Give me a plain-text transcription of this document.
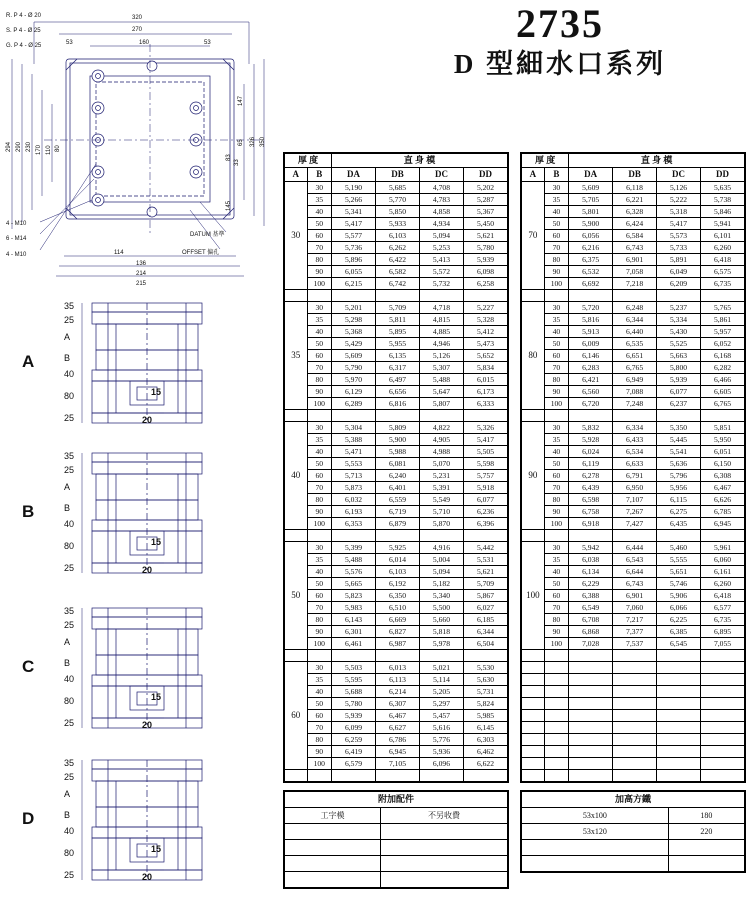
2735
D 型細水口系列
R. P 4 - Ø 20
S. P 4 - Ø 25
G. P 4 - Ø 25
320
270
160
53	53
294 290 230 170 110 80
147
65 326 350
83
145
33
114
136
214
215
4 - M10
6 - M14
4 - M10
DATUM 基準
OFFSET 偏孔
35
25
A
B
40
80
25
15
20
A
35
25
A
B
40
80
25
15
20
B
35
25
A
B
40
80
25
15
20
C
35
25
A
B
40
80
25
15
20
D
厚 度		直 身 模			
A	B	DA	DB	DC	DD
30	30	5,190	5,685	4,708	5,202
	35	5,266	5,770	4,783	5,287
	40	5,341	5,850	4,858	5,367
	50	5,417	5,933	4,934	5,450
	60	5,577	6,103	5,094	5,621
	70	5,736	6,262	5,253	5,780
	80	5,896	6,422	5,413	5,939
	90	6,055	6,582	5,572	6,098
	100	6,215	6,742	5,732	6,258

35	30	5,201	5,709	4,718	5,227
	35	5,298	5,811	4,815	5,328
	40	5,368	5,895	4,885	5,412
	50	5,429	5,955	4,946	5,473
	60	5,609	6,135	5,126	5,652
	70	5,790	6,317	5,307	5,834
	80	5,970	6,497	5,488	6,015
	90	6,129	6,656	5,647	6,173
	100	6,289	6,816	5,807	6,333

40	30	5,304	5,809	4,822	5,326
	35	5,388	5,900	4,905	5,417
	40	5,471	5,988	4,988	5,505
	50	5,553	6,081	5,070	5,598
	60	5,713	6,240	5,231	5,757
	70	5,873	6,401	5,391	5,918
	80	6,032	6,559	5,549	6,077
	90	6,193	6,719	5,710	6,236
	100	6,353	6,879	5,870	6,396

50	30	5,399	5,925	4,916	5,442
	35	5,488	6,014	5,004	5,531
	40	5,576	6,103	5,094	5,621
	50	5,665	6,192	5,182	5,709
	60	5,823	6,350	5,340	5,867
	70	5,983	6,510	5,500	6,027
	80	6,143	6,669	5,660	6,185
	90	6,301	6,827	5,818	6,344
	100	6,461	6,987	5,978	6,504

60	30	5,503	6,013	5,021	5,530
	35	5,595	6,113	5,114	5,630
	40	5,688	6,214	5,205	5,731
	50	5,780	6,307	5,297	5,824
	60	5,939	6,467	5,457	5,985
	70	6,099	6,627	5,616	6,145
	80	6,259	6,786	5,776	6,303
	90	6,419	6,945	5,936	6,462
	100	6,579	7,105	6,096	6,622

厚 度		直 身 模			
A	B	DA	DB	DC	DD
70	30	5,609	6,118	5,126	5,635
	35	5,705	6,221	5,222	5,738
	40	5,801	6,328	5,318	5,846
	50	5,900	6,424	5,417	5,941
	60	6,056	6,584	5,573	6,101
	70	6,216	6,743	5,733	6,260
	80	6,375	6,901	5,891	6,418
	90	6,532	7,058	6,049	6,575
	100	6,692	7,218	6,209	6,735

80	30	5,720	6,248	5,237	5,765
	35	5,816	6,344	5,334	5,861
	40	5,913	6,440	5,430	5,957
	50	6,009	6,535	5,525	6,052
	60	6,146	6,651	5,663	6,168
	70	6,283	6,765	5,800	6,282
	80	6,421	6,949	5,939	6,466
	90	6,560	7,088	6,077	6,605
	100	6,720	7,248	6,237	6,765

90	30	5,832	6,334	5,350	5,851
	35	5,928	6,433	5,445	5,950
	40	6,024	6,534	5,541	6,051
	50	6,119	6,633	5,636	6,150
	60	6,278	6,791	5,796	6,308
	70	6,439	6,950	5,956	6,467
	80	6,598	7,107	6,115	6,626
	90	6,758	7,267	6,275	6,785
	100	6,918	7,427	6,435	6,945

100	30	5,942	6,444	5,460	5,961
	35	6,038	6,543	5,555	6,060
	40	6,134	6,644	5,651	6,161
	50	6,229	6,743	5,746	6,260
	60	6,388	6,901	5,906	6,418
	70	6,549	7,060	6,066	6,577
	80	6,708	7,217	6,225	6,735
	90	6,868	7,377	6,385	6,895
	100	7,028	7,537	6,545	7,055

附加配件	
工字模	不另收費

加高方鐵	
53x100	180
53x120	220
